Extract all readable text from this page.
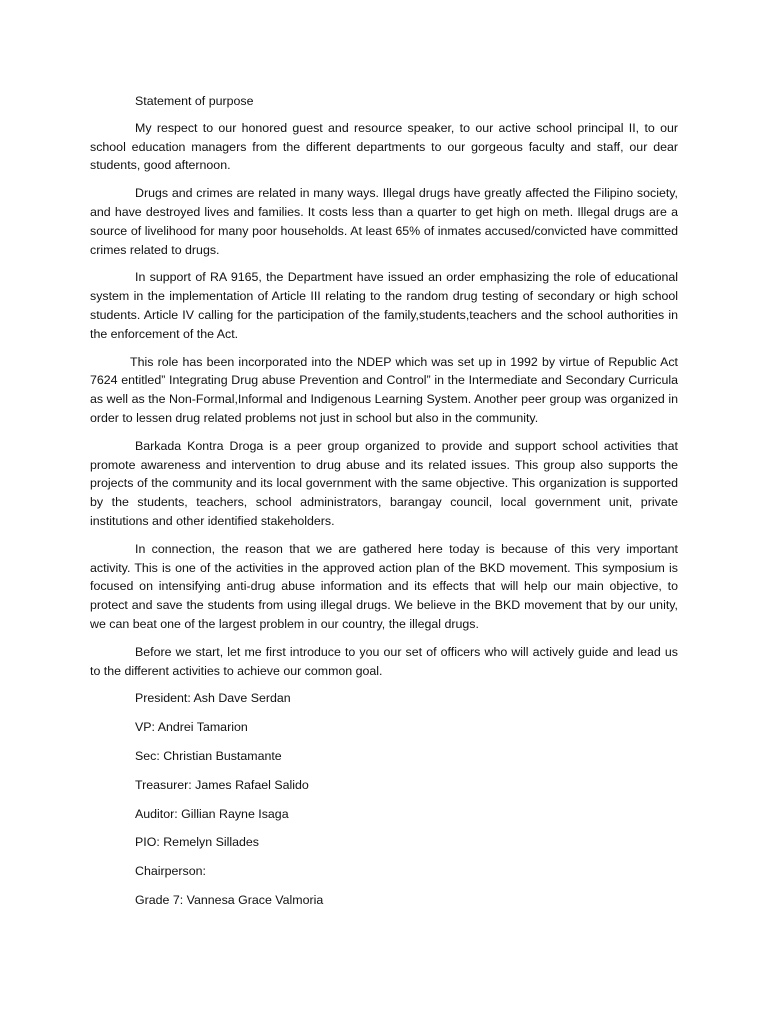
Statement of purpose

My respect to our honored guest and resource speaker, to our active school principal II, to our school education managers from the different departments to our gorgeous faculty and staff, our dear students, good afternoon.

Drugs and crimes are related in many ways. Illegal drugs have greatly affected the Filipino society, and have destroyed lives and families. It costs less than a quarter to get high on meth. Illegal drugs are a source of livelihood for many poor households. At least 65% of inmates accused/convicted have committed crimes related to drugs.

In support of RA 9165, the Department have issued an order emphasizing the role of educational system in the implementation of Article III relating to the random drug testing of secondary or high school students. Article IV calling for the participation of the family,students,teachers and the school authorities in the enforcement of the Act.

This role has been incorporated into the NDEP which was set up in 1992 by virtue of Republic Act 7624 entitled” Integrating Drug abuse Prevention and Control” in the Intermediate and Secondary Curricula as well as the Non-Formal,Informal and Indigenous Learning System. Another peer group was organized in order to lessen drug related problems not just in school but also in the community.

Barkada Kontra Droga is a peer group organized to provide and support school activities that promote awareness and intervention to drug abuse and its related issues. This group also supports the projects of the community and its local government with the same objective. This organization is supported by the students, teachers, school administrators, barangay council, local government unit, private institutions and other identified stakeholders.

In connection, the reason that we are gathered here today is because of this very important activity. This is one of the activities in the approved action plan of the BKD movement. This symposium is focused on intensifying anti-drug abuse information and its effects that will help our main objective, to protect and save the students from using illegal drugs. We believe in the BKD movement that by our unity, we can beat one of the largest problem in our country, the illegal drugs.

Before we start, let me first introduce to you our set of officers who will actively guide and lead us to the different activities to achieve our common goal.

President: Ash Dave Serdan

VP: Andrei Tamarion

Sec: Christian Bustamante

Treasurer: James Rafael Salido

Auditor: Gillian Rayne Isaga

PIO: Remelyn Sillades

Chairperson:

Grade 7: Vannesa Grace Valmoria
